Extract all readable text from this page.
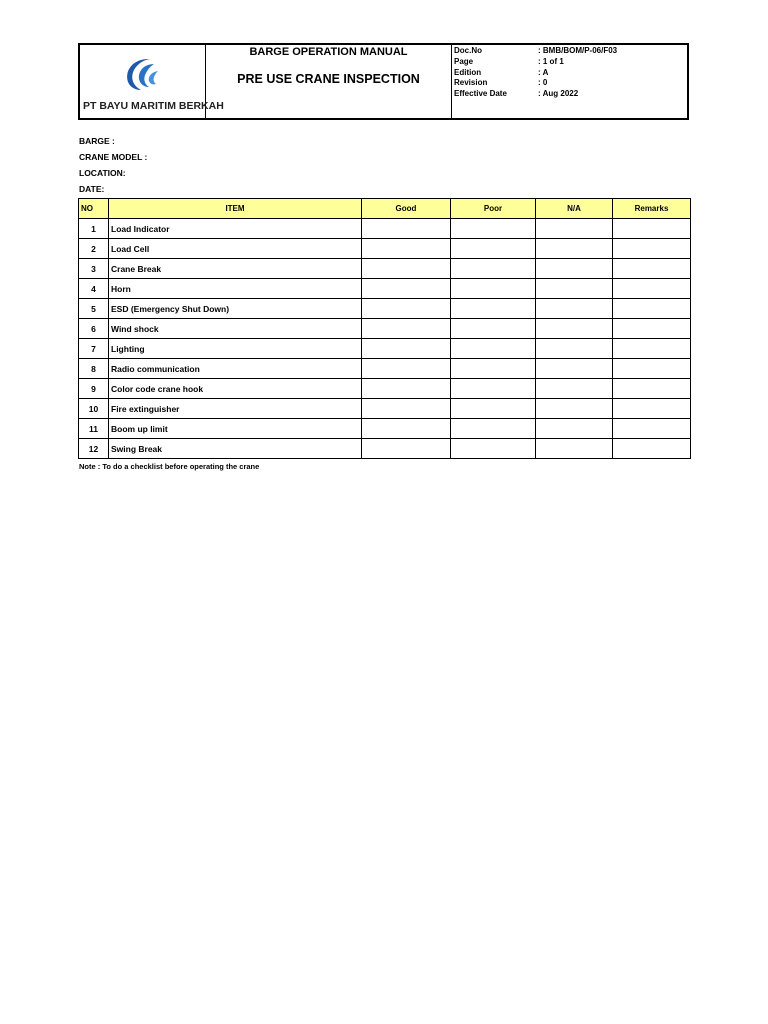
PT BAYU MARITIM BERKAH
BARGE OPERATION MANUAL
PRE USE CRANE INSPECTION
Doc.No	: BMB/BOM/P-06/F03
Page	: 1 of 1
Edition	: A
Revision	: 0
Effective Date	: Aug 2022
BARGE :
CRANE MODEL :
LOCATION:
DATE:
NO	ITEM	Good	Poor	N/A	Remarks
1	Load Indicator				
2	Load Cell				
3	Crane Break				
4	Horn				
5	ESD (Emergency Shut Down)				
6	Wind shock				
7	Lighting				
8	Radio communication				
9	Color code crane hook				
10	Fire extinguisher				
11	Boom up limit				
12	Swing Break				
Note : To do a checklist before operating the crane
